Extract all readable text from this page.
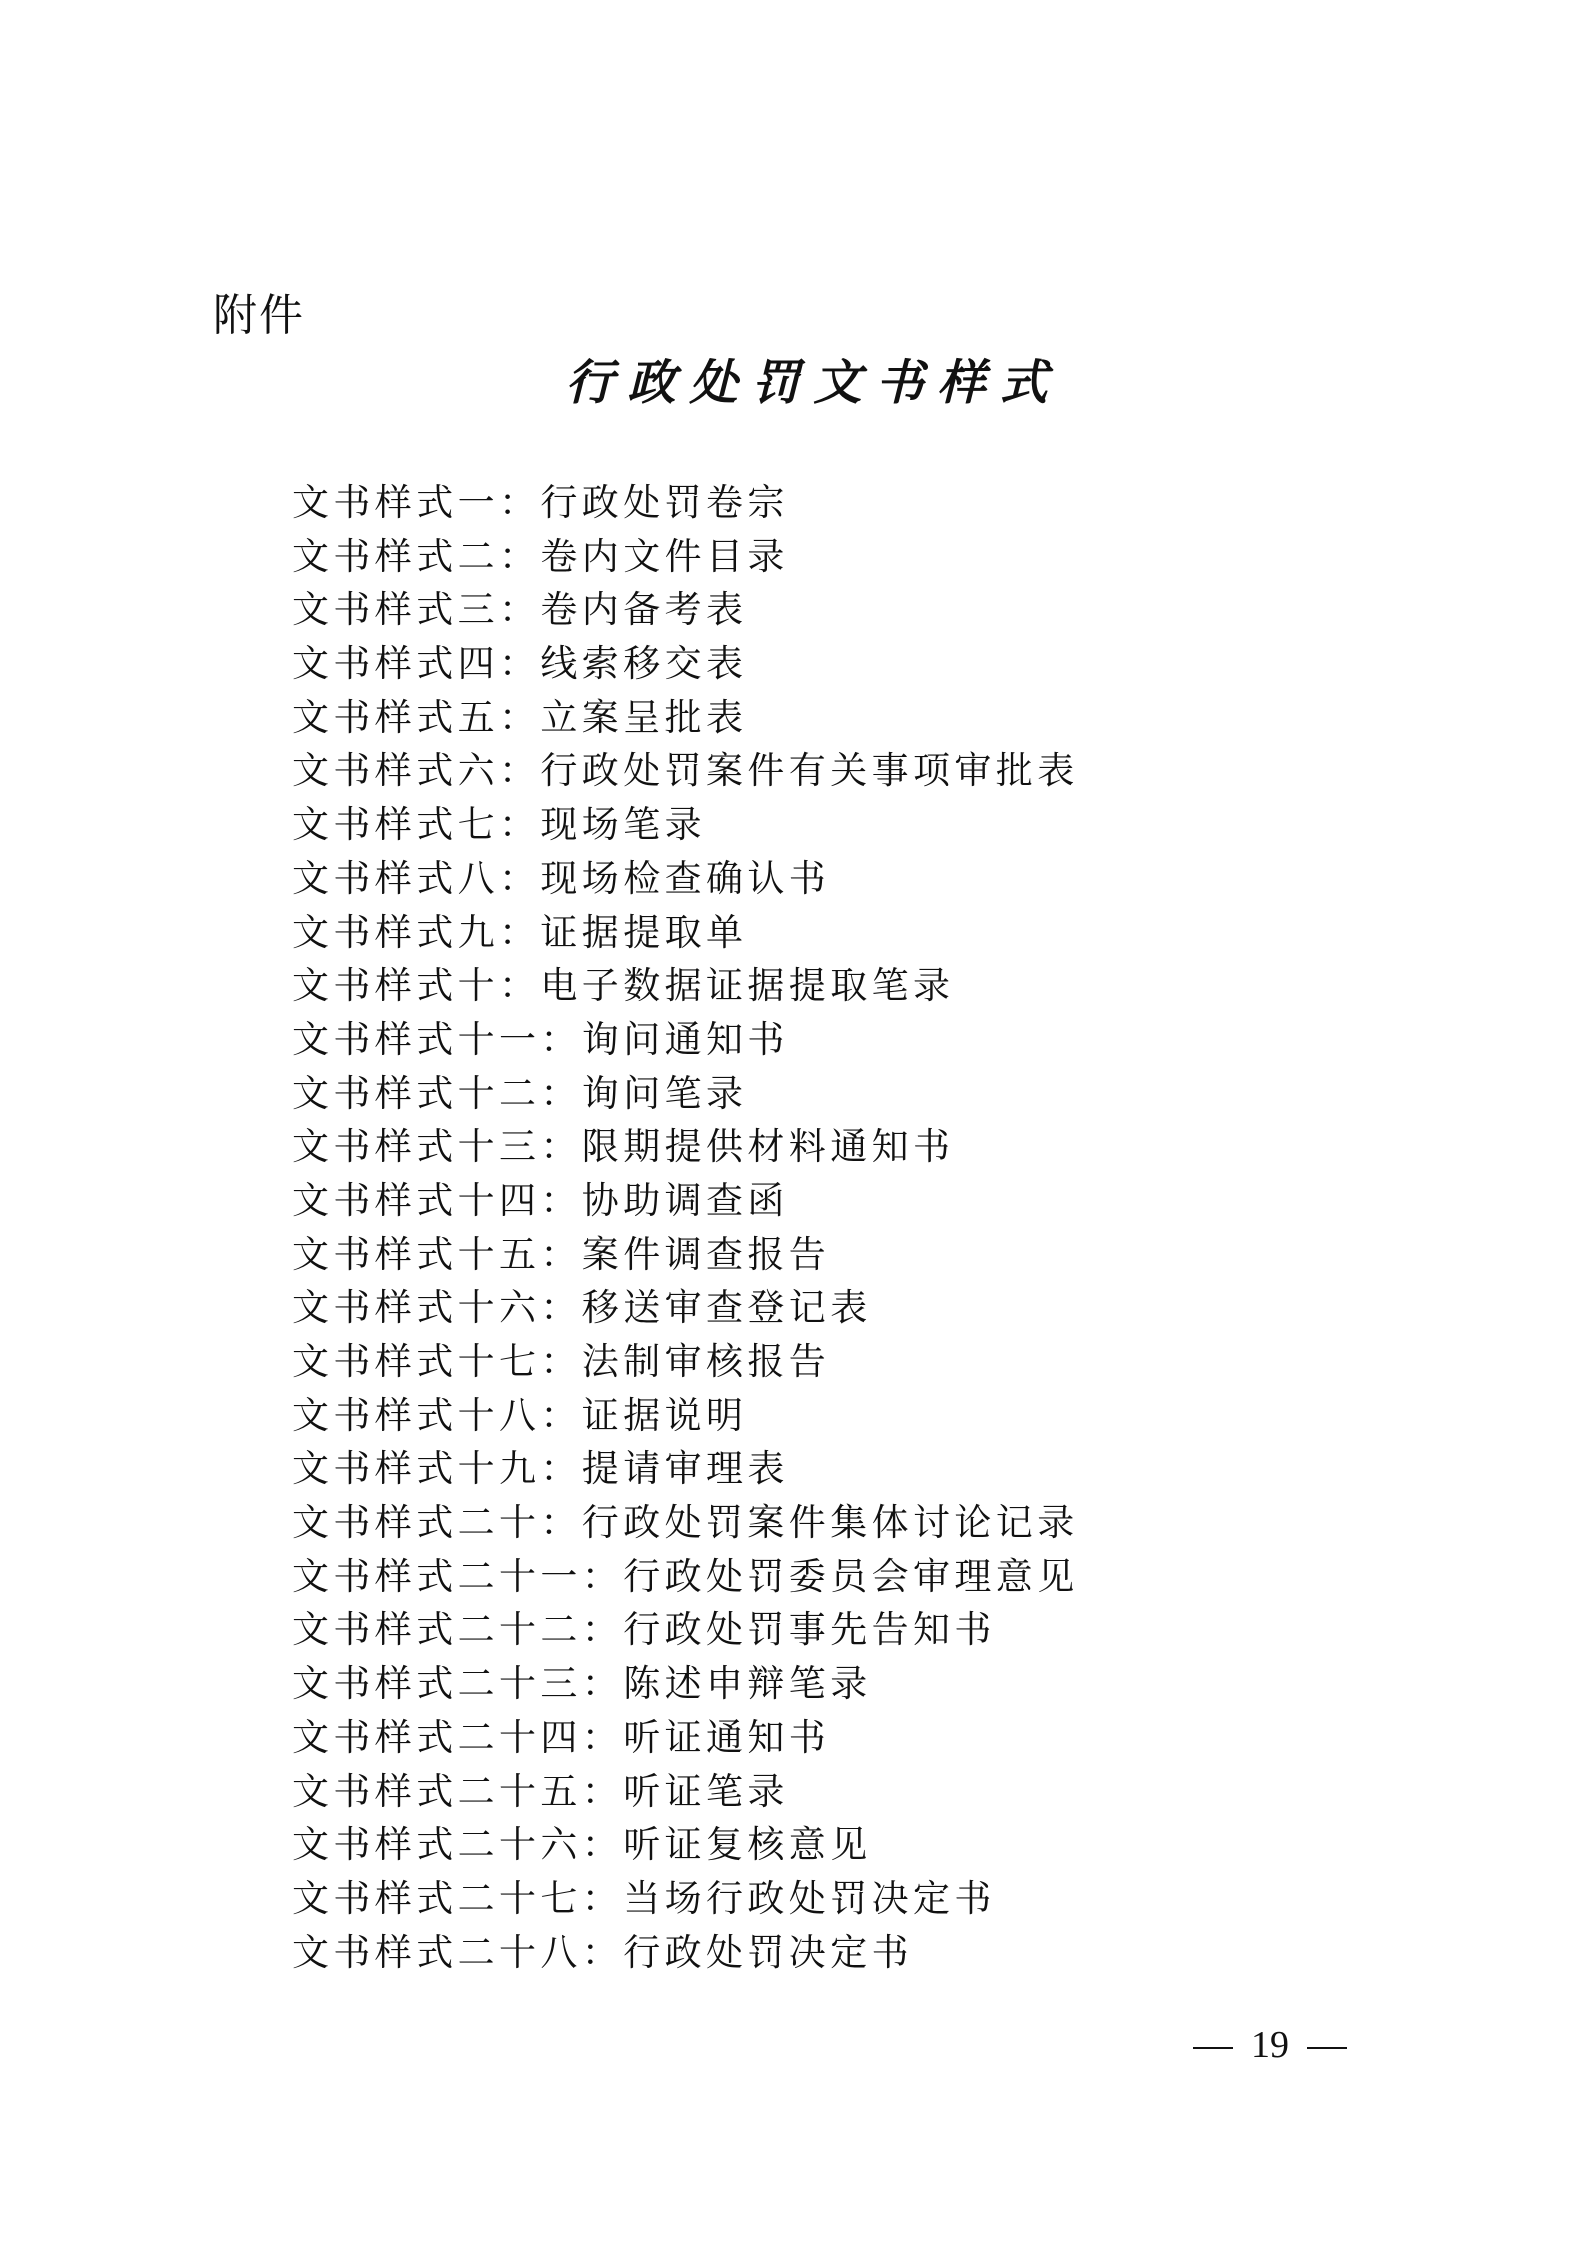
附件
行政处罚文书样式
文书样式一：行政处罚卷宗
文书样式二：卷内文件目录
文书样式三：卷内备考表
文书样式四：线索移交表
文书样式五：立案呈批表
文书样式六：行政处罚案件有关事项审批表
文书样式七：现场笔录
文书样式八：现场检查确认书
文书样式九：证据提取单
文书样式十：电子数据证据提取笔录
文书样式十一：询问通知书
文书样式十二：询问笔录
文书样式十三：限期提供材料通知书
文书样式十四：协助调查函
文书样式十五：案件调查报告
文书样式十六：移送审查登记表
文书样式十七：法制审核报告
文书样式十八：证据说明
文书样式十九：提请审理表
文书样式二十：行政处罚案件集体讨论记录
文书样式二十一：行政处罚委员会审理意见
文书样式二十二：行政处罚事先告知书
文书样式二十三：陈述申辩笔录
文书样式二十四：听证通知书
文书样式二十五：听证笔录
文书样式二十六：听证复核意见
文书样式二十七：当场行政处罚决定书
文书样式二十八：行政处罚决定书
19
